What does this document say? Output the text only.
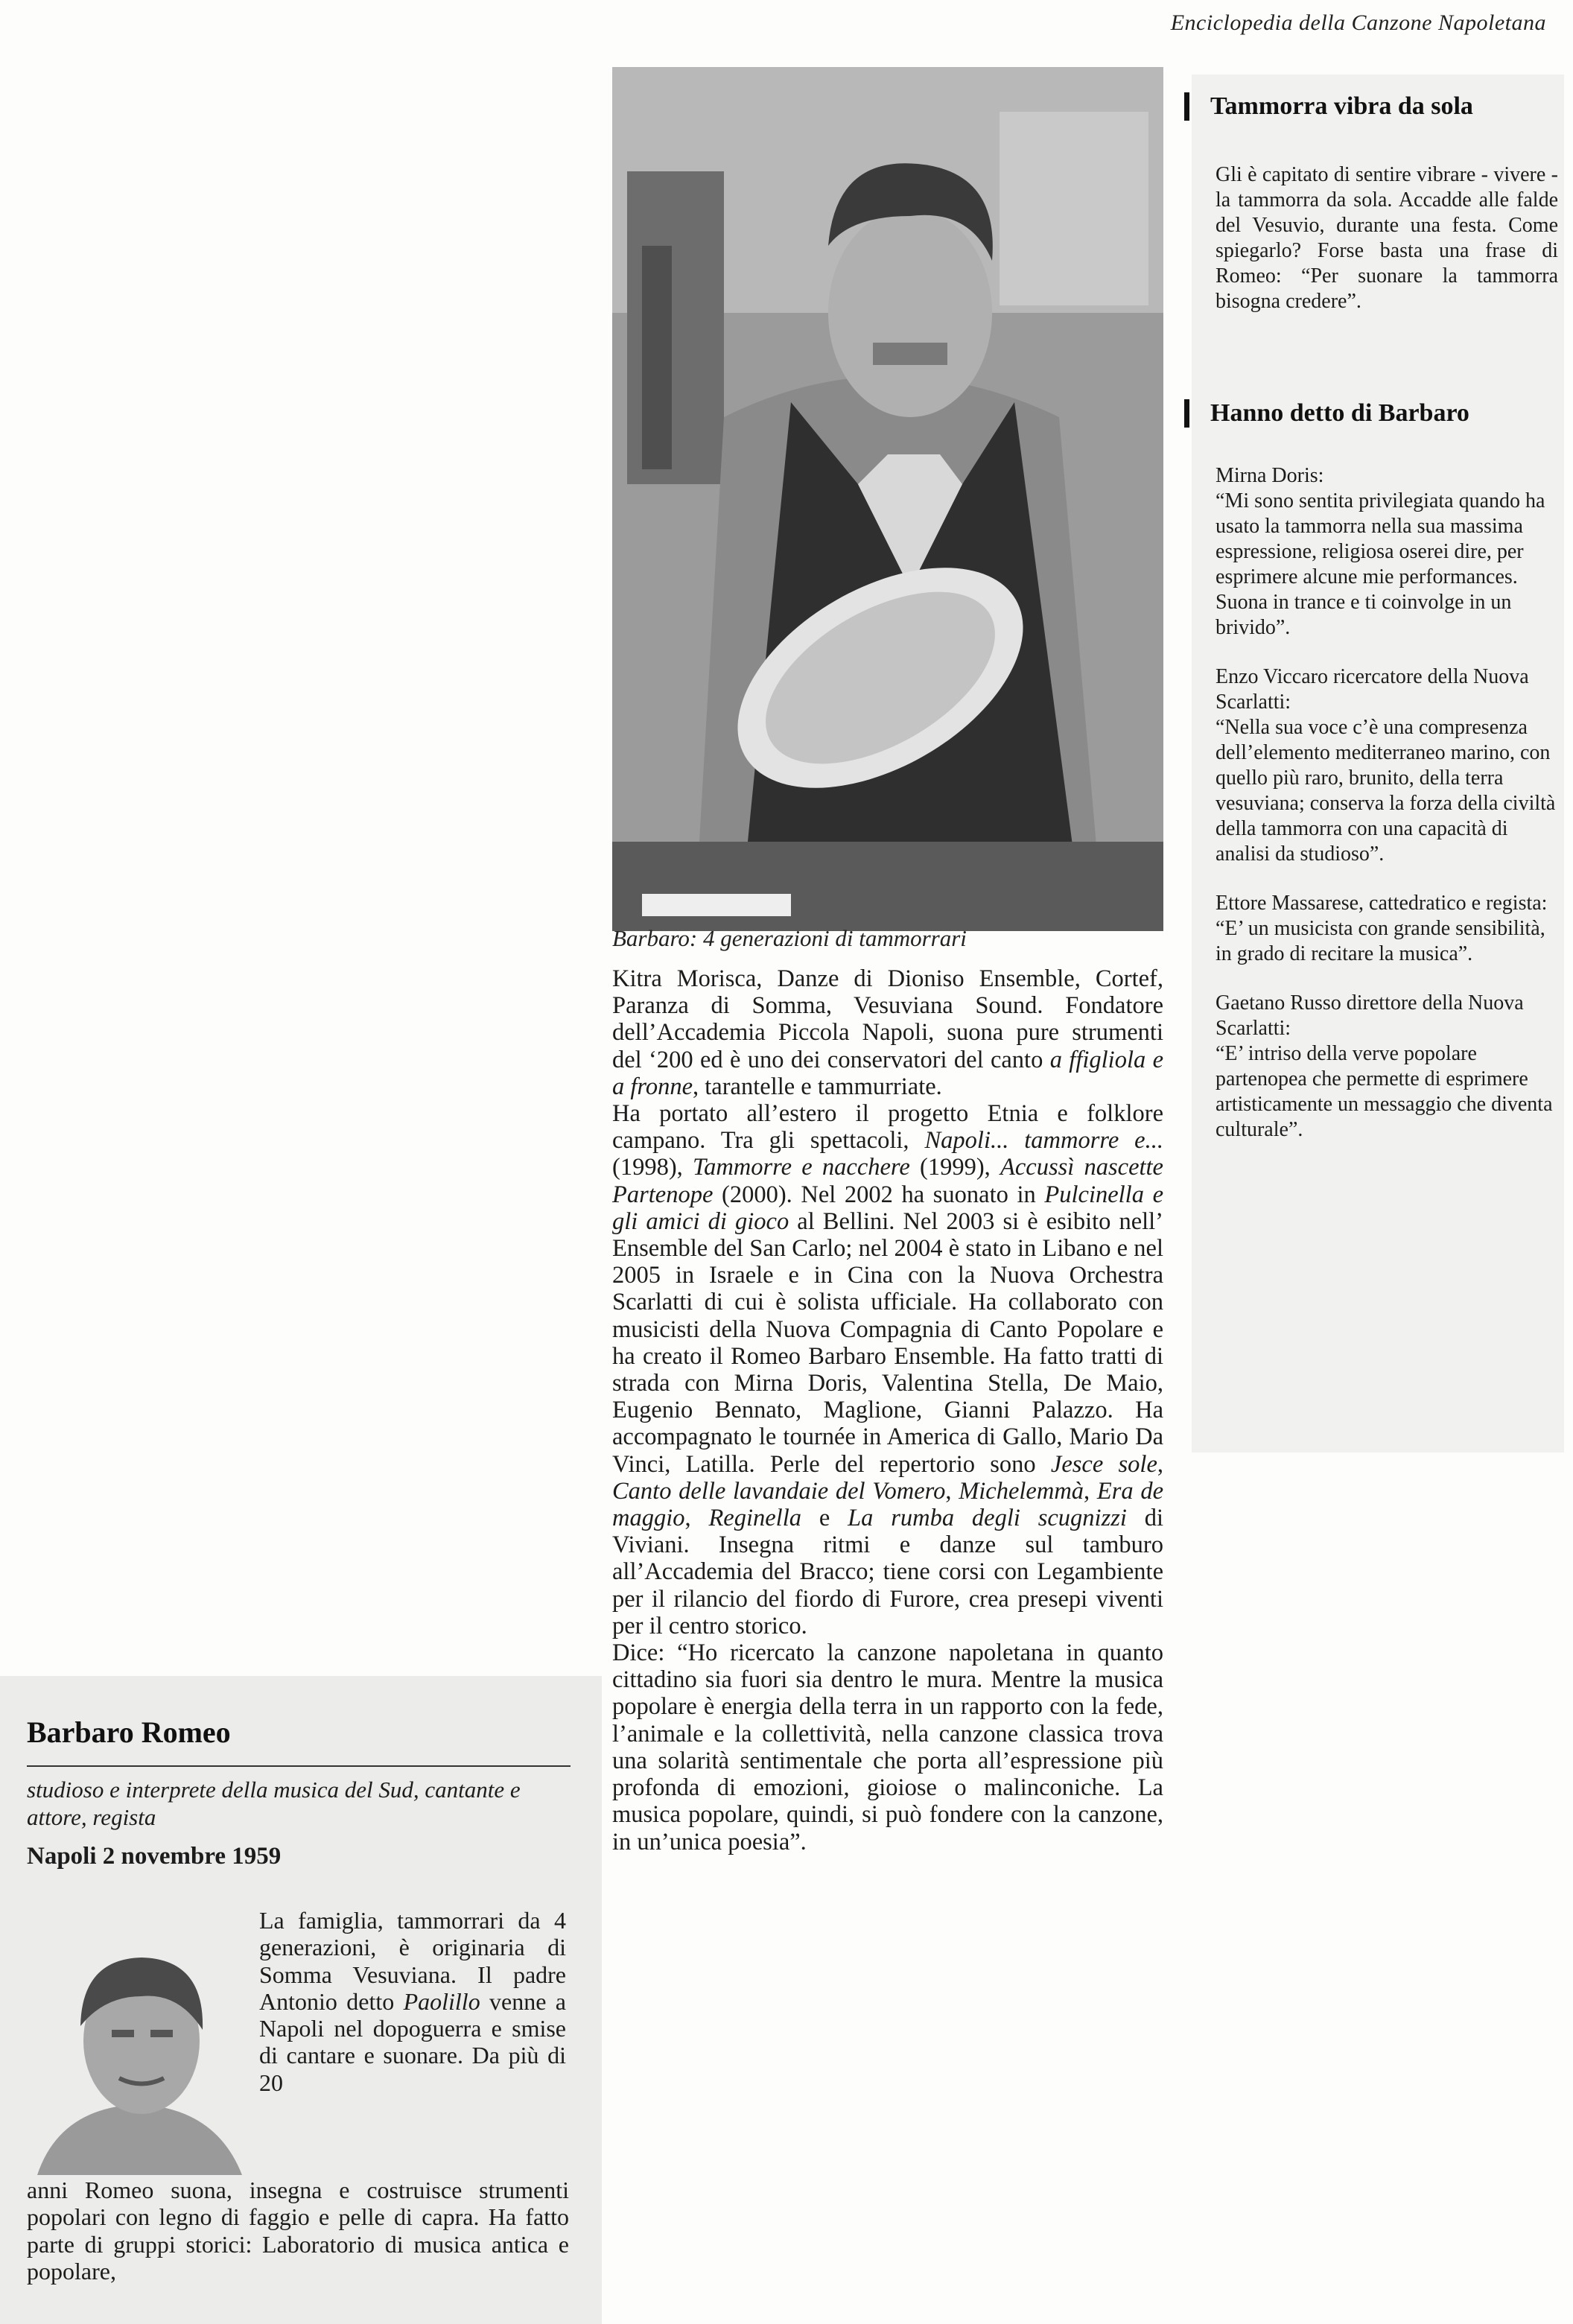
Enciclopedia della Canzone Napoletana
Tammorra vibra da sola
Gli è capitato di sentire vibrare - vivere - la tammorra da sola. Accadde alle falde del Vesuvio, durante una festa. Come spiegarlo? Forse basta una frase di Romeo: “Per suonare la tammorra bisogna credere”.
Hanno detto di Barbaro

Mirna Doris:
“Mi sono sentita privilegiata quando ha usato la tammorra nella sua massima espressione, religiosa oserei dire, per esprimere alcune mie performances. Suona in trance e ti coinvolge in un brivido”.

Enzo Viccaro ricercatore della Nuova Scarlatti:
“Nella sua voce c’è una compresenza dell’elemento mediterraneo marino, con quello più raro, brunito, della terra vesuviana; conserva la forza della civiltà della tammorra con una capacità di analisi da studioso”.

Ettore Massarese, cattedratico e regista:
“E’ un musicista con grande sensibilità, in grado di recitare la musica”.

Gaetano Russo direttore della Nuova Scarlatti:
“E’ intriso della verve popolare partenopea che permette di esprimere artisticamente un messaggio che diventa culturale”.

Barbaro: 4 generazioni di tammorrari

Kitra Morisca, Danze di Dioniso Ensemble, Cortef, Paranza di Somma, Vesuviana Sound. Fondatore dell’Accademia Piccola Napoli, suona pure strumenti del ‘200 ed è uno dei conservatori del canto a ffigliola e a fronne, tarantelle e tammurriate.

Ha portato all’estero il progetto Etnia e folklore campano. Tra gli spettacoli, Napoli... tammorre e... (1998), Tammorre e nacchere (1999), Accussì nascette Partenope (2000). Nel 2002 ha suonato in Pulcinella e gli amici di gioco al Bellini. Nel 2003 si è esibito nell’ Ensemble del San Carlo; nel 2004 è stato in Libano e nel 2005 in Israele e in Cina con la Nuova Orchestra Scarlatti di cui è solista ufficiale. Ha collaborato con musicisti della Nuova Compagnia di Canto Popolare e ha creato il Romeo Barbaro Ensemble. Ha fatto tratti di strada con Mirna Doris, Valentina Stella, De Maio, Eugenio Bennato, Maglione, Gianni Palazzo. Ha accompagnato le tournée in America di Gallo, Mario Da Vinci, Latilla. Perle del repertorio sono Jesce sole, Canto delle lavandaie del Vomero, Michelemmà, Era de maggio, Reginella e La rumba degli scugnizzi di Viviani. Insegna ritmi e danze sul tamburo all’Accademia del Bracco; tiene corsi con Legambiente per il rilancio del fiordo di Furore, crea presepi viventi per il centro storico.

Dice: “Ho ricercato la canzone napoletana in quanto cittadino sia fuori sia dentro le mura. Mentre la musica popolare è energia della terra in un rapporto con la fede, l’animale e la collettività, nella canzone classica trova una solarità sentimentale che porta all’espressione più profonda di emozioni, gioiose o malinconiche. La musica popolare, quindi, si può fondere con la canzone, in un’unica poesia”.

Barbaro Romeo
studioso e interprete della musica del Sud, cantante e attore, regista
Napoli 2 novembre 1959
La famiglia, tammorrari da 4 generazioni, è originaria di Somma Vesuviana. Il padre Antonio detto Paolillo venne a Napoli nel dopoguerra e smise di cantare e suonare. Da più di 20
anni Romeo suona, insegna e costruisce strumenti popolari con legno di faggio e pelle di capra. Ha fatto parte di gruppi storici: Laboratorio di musica antica e popolare,
